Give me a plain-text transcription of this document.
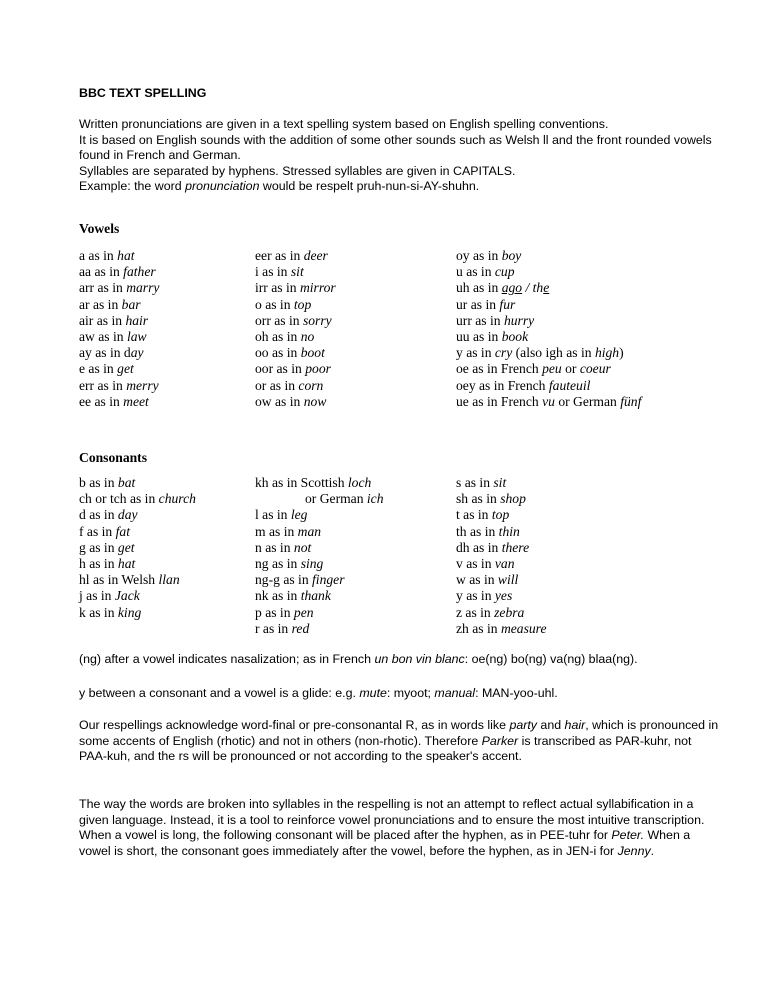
BBC TEXT SPELLING

Written pronunciations are given in a text spelling system based on English spelling conventions.

It is based on English sounds with the addition of some other sounds such as Welsh ll and the front rounded vowels found in French and German.

Syllables are separated by hyphens. Stressed syllables are given in CAPITALS.

Example: the word pronunciation would be respelt pruh-nun-si-AY-shuhn.

Vowels
a as in hat
aa as in father
arr as in marry
ar as in bar
air as in hair
aw as in law
ay as in day
e as in get
err as in merry
ee as in meet
eer as in deer
i as in sit
irr as in mirror
o as in top
orr as in sorry
oh as in no
oo as in boot
oor as in poor
or as in corn
ow as in now
oy as in boy
u as in cup
uh as in ago / the
ur as in fur
urr as in hurry
uu as in book
y as in cry (also igh as in high)
oe as in French peu or coeur
oey as in French fauteuil
ue as in French vu or German fünf
Consonants
b as in bat
ch or tch as in church
d as in day
f as in fat
g as in get
h as in hat
hl as in Welsh llan
j as in Jack
k as in king
kh as in Scottish loch
or German ich
l as in leg
m as in man
n as in not
ng as in sing
ng-g as in finger
nk as in thank
p as in pen
r as in red
s as in sit
sh as in shop
t as in top
th as in thin
dh as in there
v as in van
w as in will
y as in yes
z as in zebra
zh as in measure

(ng) after a vowel indicates nasalization; as in French un bon vin blanc: oe(ng) bo(ng) va(ng) blaa(ng).

y between a consonant and a vowel is a glide: e.g. mute: myoot; manual: MAN-yoo-uhl.

Our respellings acknowledge word-final or pre-consonantal R, as in words like party and hair, which is pronounced in some accents of English (rhotic) and not in others (non-rhotic). Therefore Parker is transcribed as PAR-kuhr, not PAA-kuh, and the rs will be pronounced or not according to the speaker's accent.

The way the words are broken into syllables in the respelling is not an attempt to reflect actual syllabification in a given language. Instead, it is a tool to reinforce vowel pronunciations and to ensure the most intuitive transcription. When a vowel is long, the following consonant will be placed after the hyphen, as in PEE-tuhr for Peter. When a vowel is short, the consonant goes immediately after the vowel, before the hyphen, as in JEN-i for Jenny.
